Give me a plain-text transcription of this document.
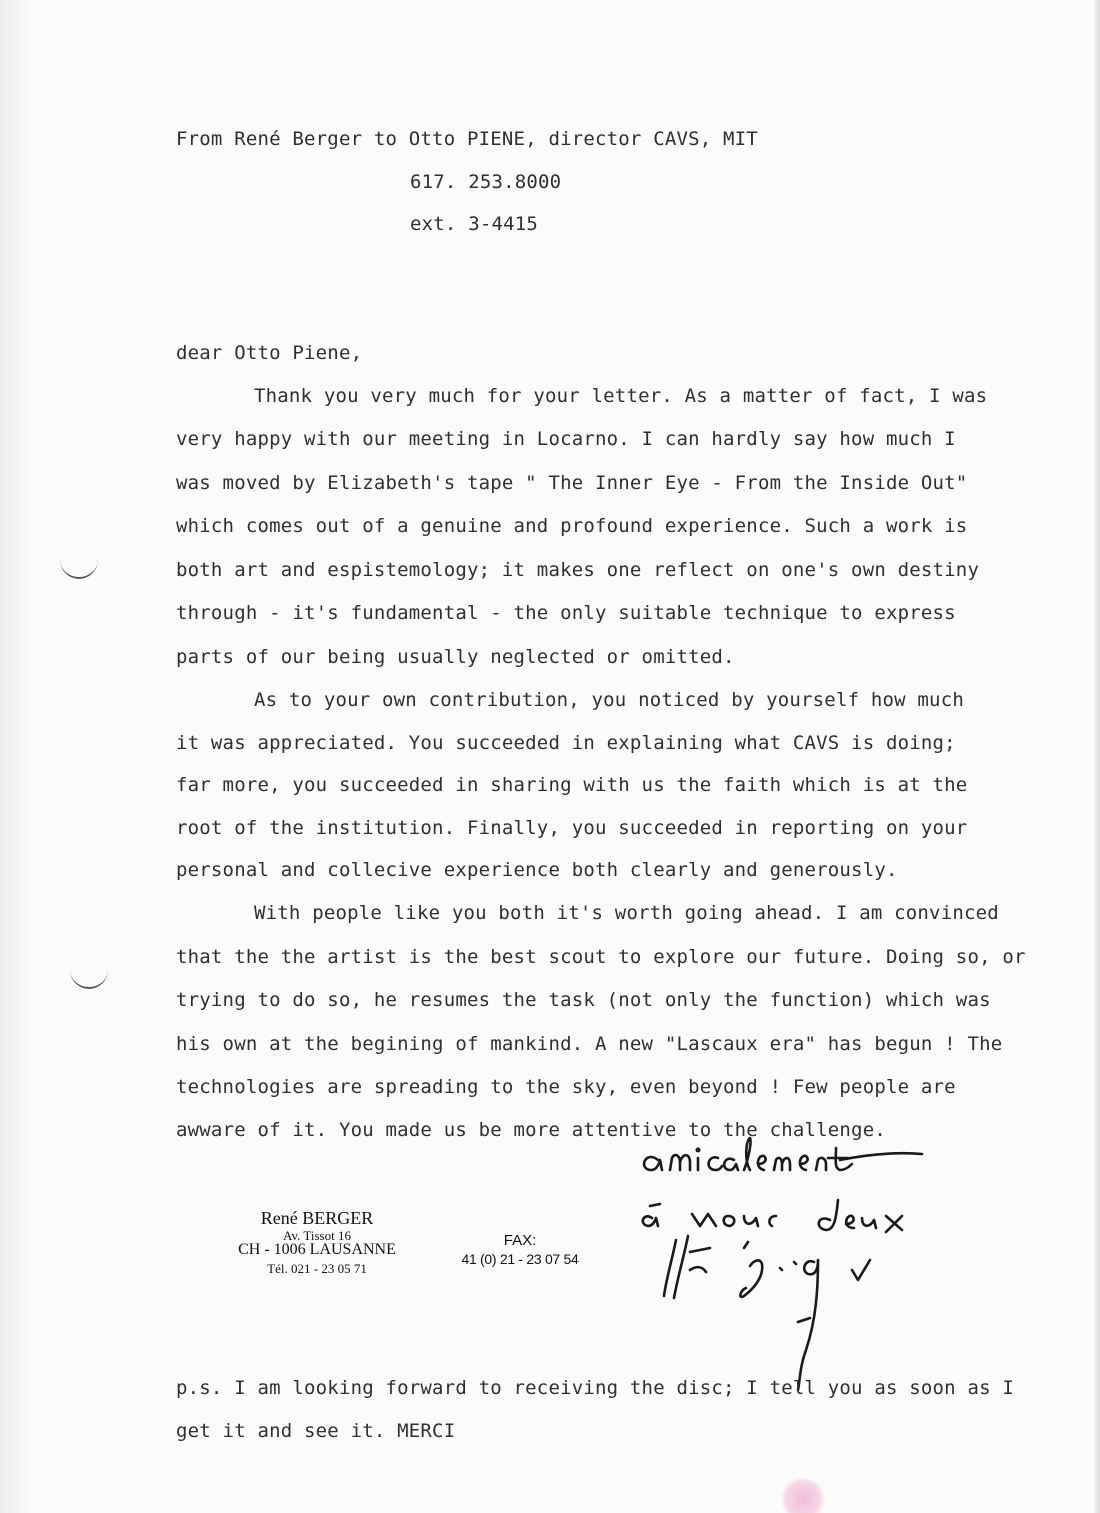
From René Berger to Otto PIENE, director CAVS, MIT
617. 253.8000
ext. 3-4415
dear Otto Piene,
Thank you very much for your letter. As a matter of fact, I was
very happy with our meeting in Locarno. I can hardly say how much I
was moved by Elizabeth's tape " The Inner Eye - From the Inside Out"
which comes out of a genuine and profound experience. Such a work is
both art and espistemology; it makes one reflect on one's own destiny
through - it's fundamental - the only suitable technique to express
parts of our being usually neglected or omitted.
As to your own contribution, you noticed by yourself how much
it was appreciated. You succeeded in explaining what CAVS is doing;
far more, you succeeded in sharing with us the faith which is at the
root of the institution. Finally, you succeeded in reporting on your
personal and collecive experience both clearly and generously.
With people like you both it's worth going ahead. I am convinced
that the the artist is the best scout to explore our future. Doing so, or
trying to do so, he resumes the task (not only the function) which was
his own at the begining of mankind. A new "Lascaux era" has begun ! The
technologies are spreading to the sky, even beyond ! Few people are
awware of it. You made us be more attentive to the challenge.
René BERGER
Av. Tissot 16
CH - 1006 LAUSANNE
Tél. 021 - 23 05 71
FAX:
41 (0) 21 - 23 07 54
p.s. I am looking forward to receiving the disc; I tell you as soon as I
get it and see it. MERCI
